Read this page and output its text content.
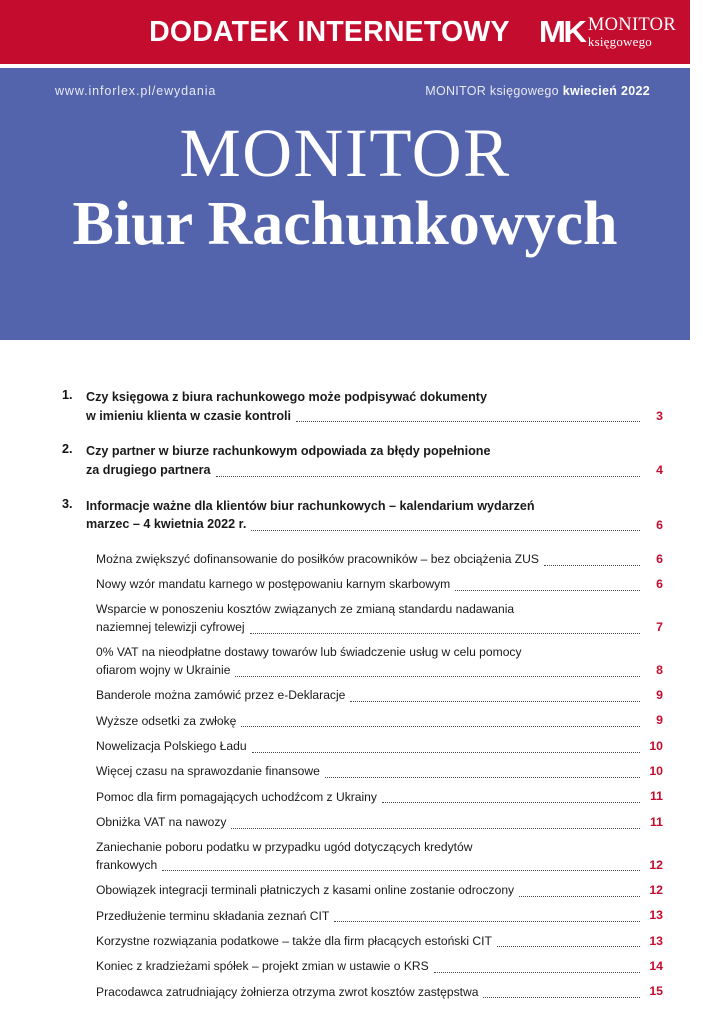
DODATEK INTERNETOWY MK MONITOR
księgowego
www.inforlex.pl/ewydania	MONITOR księgowego kwiecień 2022
MONITOR
Biur Rachunkowych
1.	Czy księgowa z biura rachunkowego może podpisywać dokumenty
w imieniu klienta w czasie kontroli	3
2.	Czy partner w biurze rachunkowym odpowiada za błędy popełnione
za drugiego partnera	4
3.	Informacje ważne dla klientów biur rachunkowych – kalendarium wydarzeń
marzec – 4 kwietnia 2022 r.	6
Można zwiększyć dofinansowanie do posiłków pracowników – bez obciążenia ZUS	6
Nowy wzór mandatu karnego w postępowaniu karnym skarbowym	6
Wsparcie w ponoszeniu kosztów związanych ze zmianą standardu nadawania
naziemnej telewizji cyfrowej	7
0% VAT na nieodpłatne dostawy towarów lub świadczenie usług w celu pomocy
ofiarom wojny w Ukrainie	8
Banderole można zamówić przez e-Deklaracje	9
Wyższe odsetki za zwłokę	9
Nowelizacja Polskiego Ładu	10
Więcej czasu na sprawozdanie finansowe	10
Pomoc dla firm pomagających uchodźcom z Ukrainy	11
Obniżka VAT na nawozy	11
Zaniechanie poboru podatku w przypadku ugód dotyczących kredytów
frankowych	12
Obowiązek integracji terminali płatniczych z kasami online zostanie odroczony	12
Przedłużenie terminu składania zeznań CIT	13
Korzystne rozwiązania podatkowe – także dla firm płacących estoński CIT	13
Koniec z kradzieżami spółek – projekt zmian w ustawie o KRS	14
Pracodawca zatrudniający żołnierza otrzyma zwrot kosztów zastępstwa	15
